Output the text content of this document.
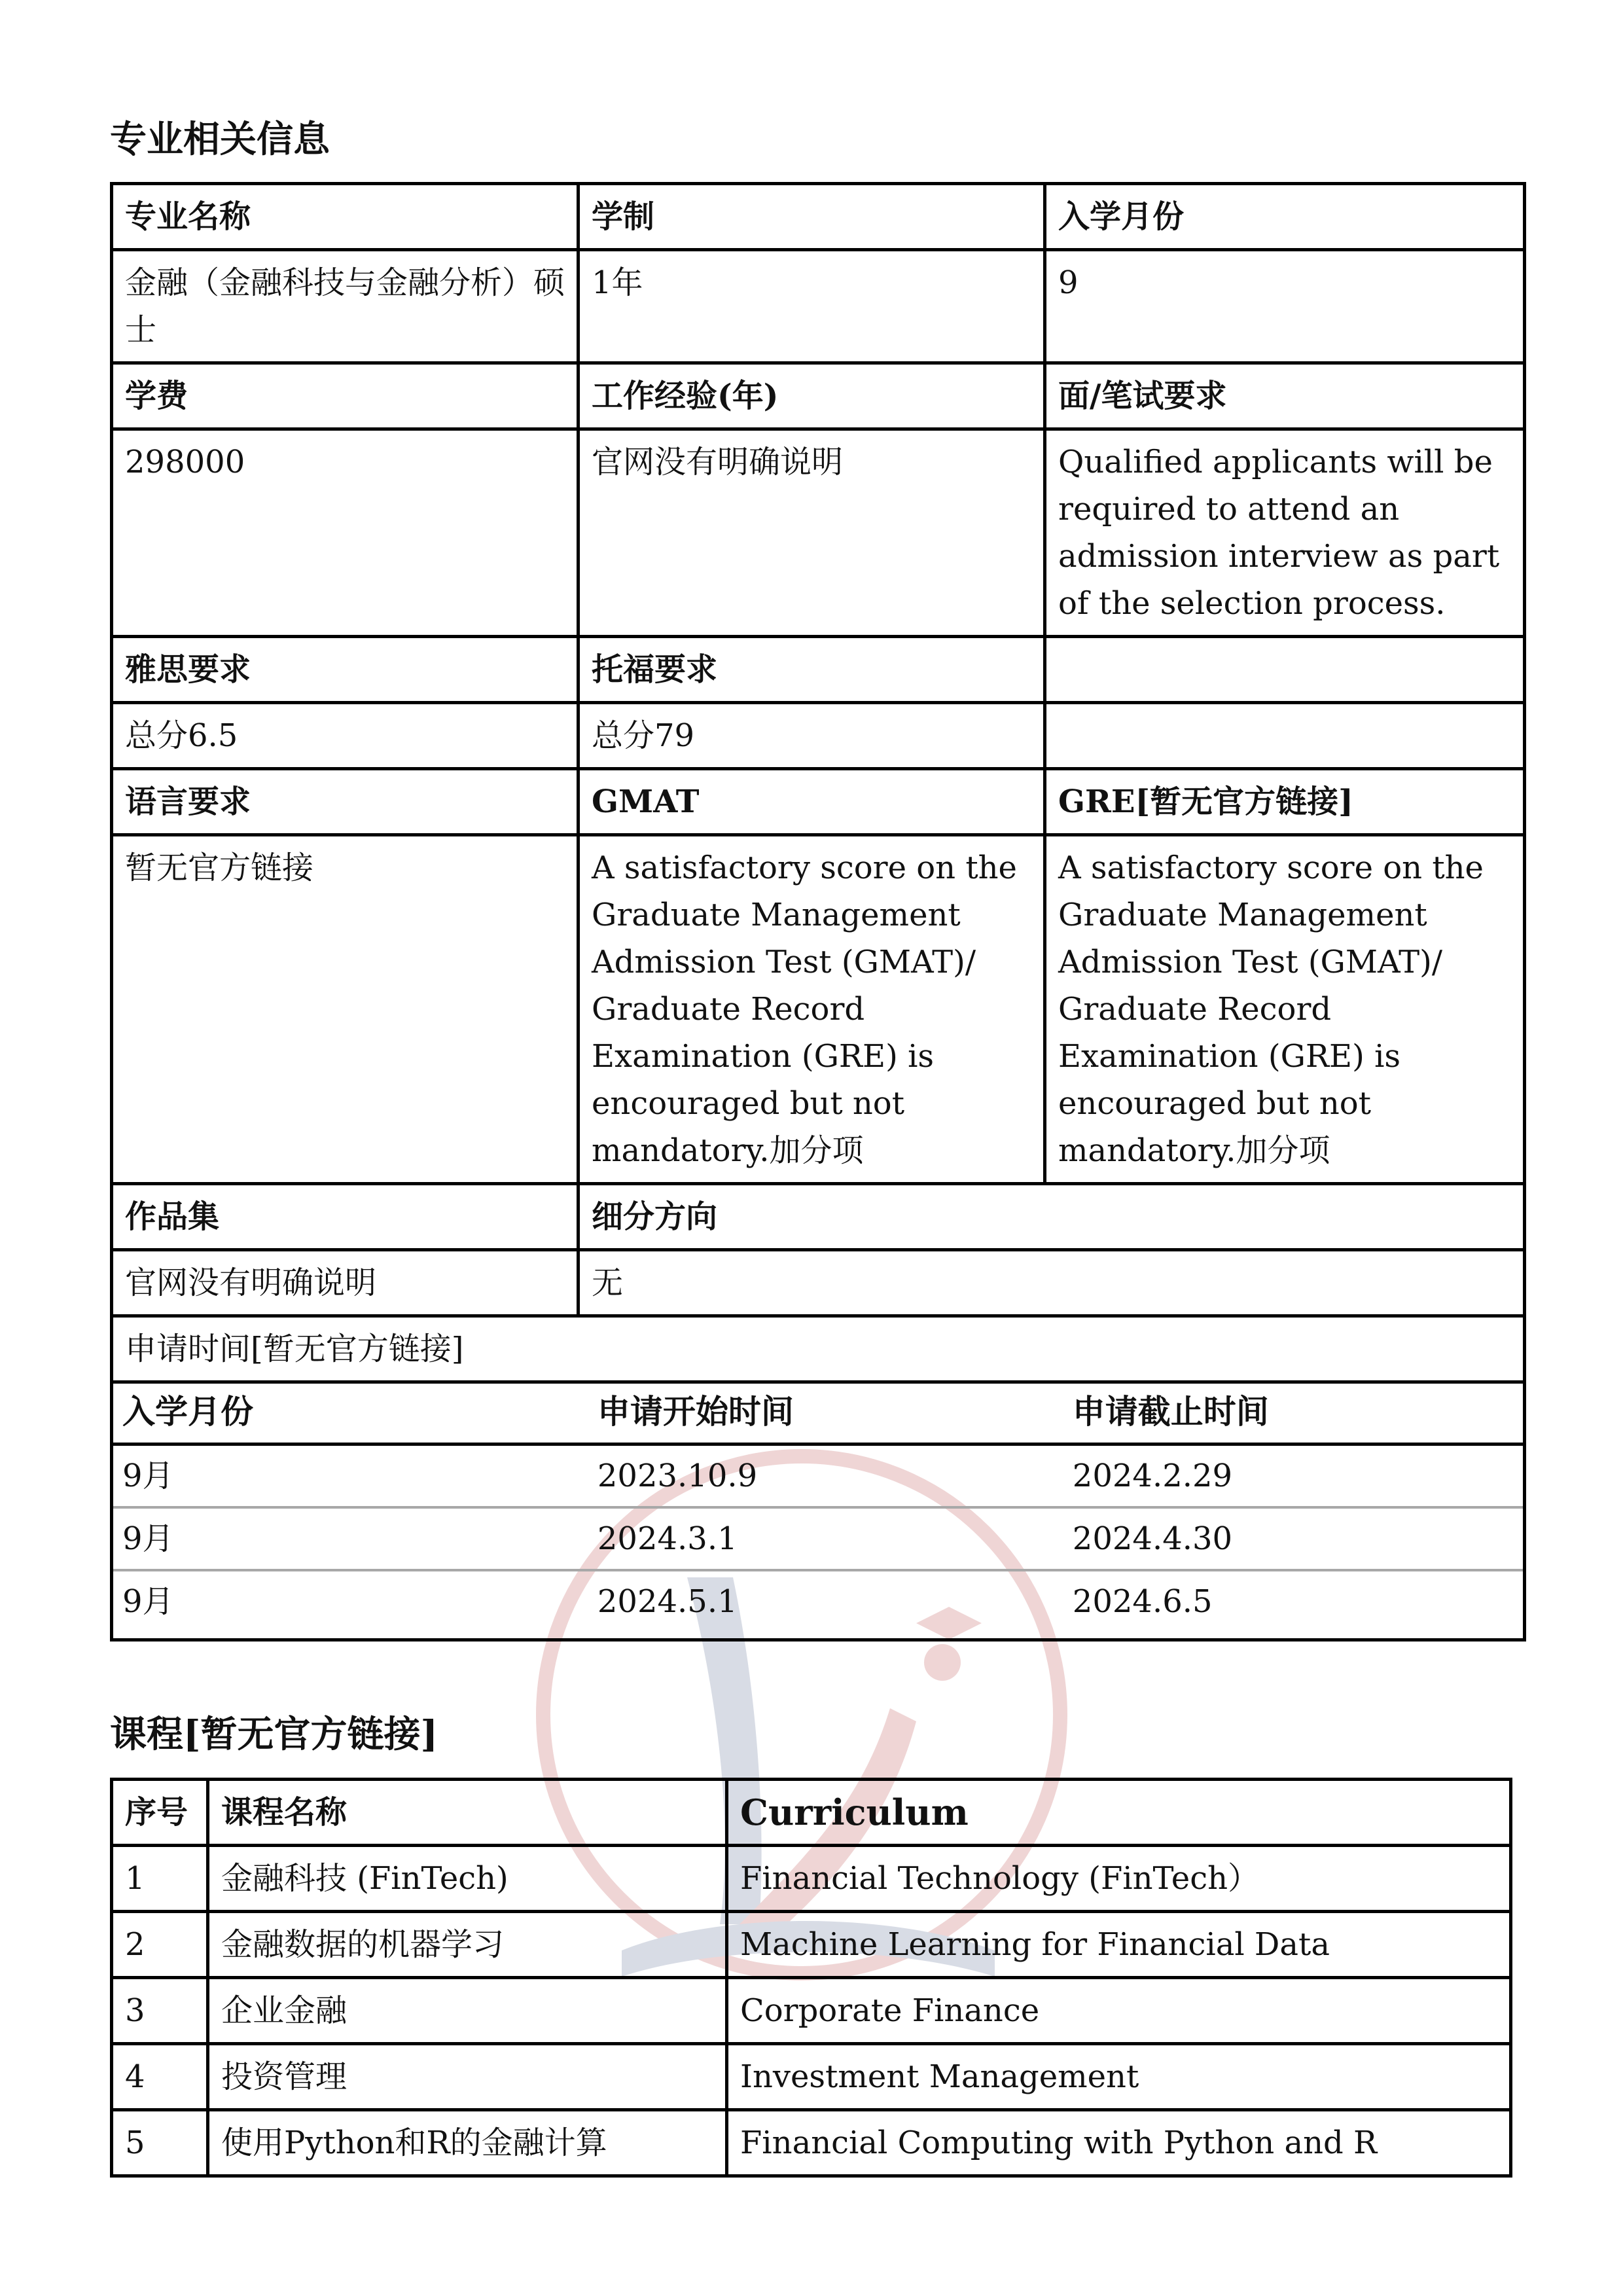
专业相关信息
专业名称	学制	入学月份
金融（金融科技与金融分析）硕士	1年	9
学费	工作经验(年)	面/笔试要求
298000	官网没有明确说明	Qualified applicants will be required to attend an admission interview as part of the selection process.
雅思要求	托福要求	
总分6.5	总分79	
语言要求	GMAT	GRE[暂无官方链接]
暂无官方链接	A satisfactory score on the Graduate Management Admission Test (GMAT)/ Graduate Record Examination (GRE) is encouraged but not mandatory.加分项	A satisfactory score on the Graduate Management Admission Test (GMAT)/ Graduate Record Examination (GRE) is encouraged but not mandatory.加分项
作品集	细分方向
官网没有明确说明	无
申请时间[暂无官方链接]

入学月份	申请开始时间	申请截止时间
9月	2023.10.9	2024.2.29
9月	2024.3.1	2024.4.30
9月	2024.5.1	2024.6.5
课程[暂无官方链接]
序号	课程名称	Curriculum
1	金融科技 (FinTech)	Financial Technology (FinTech）
2	金融数据的机器学习	Machine Learning for Financial Data
3	企业金融	Corporate Finance
4	投资管理	Investment Management
5	使用Python和R的金融计算	Financial Computing with Python and R
